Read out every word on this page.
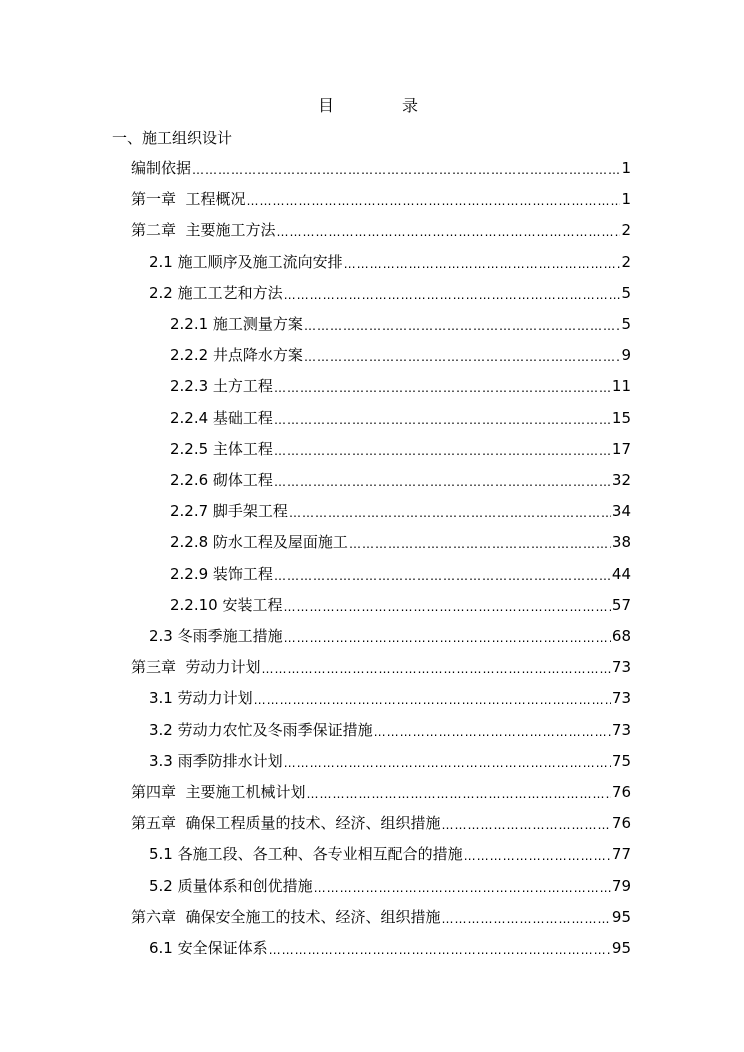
目	录
一、施工组织设计
编制依据 …………………………………………………………………………………………………………………………………………	1
第一章  工程概况 …………………………………………………………………………………………………………………………………………	1
第二章  主要施工方法 …………………………………………………………………………………………………………………………………………	2
2.1 施工顺序及施工流向安排 …………………………………………………………………………………………………………………………………………	2
2.2 施工工艺和方法 …………………………………………………………………………………………………………………………………………	5
2.2.1 施工测量方案 …………………………………………………………………………………………………………………………………………	5
2.2.2 井点降水方案 …………………………………………………………………………………………………………………………………………	9
2.2.3 土方工程 …………………………………………………………………………………………………………………………………………	11
2.2.4 基础工程 …………………………………………………………………………………………………………………………………………	15
2.2.5 主体工程 …………………………………………………………………………………………………………………………………………	17
2.2.6 砌体工程 …………………………………………………………………………………………………………………………………………	32
2.2.7 脚手架工程 …………………………………………………………………………………………………………………………………………	34
2.2.8 防水工程及屋面施工 …………………………………………………………………………………………………………………………………………	38
2.2.9 装饰工程 …………………………………………………………………………………………………………………………………………	44
2.2.10 安装工程 …………………………………………………………………………………………………………………………………………	57
2.3 冬雨季施工措施 …………………………………………………………………………………………………………………………………………	68
第三章  劳动力计划 …………………………………………………………………………………………………………………………………………	73
3.1 劳动力计划 …………………………………………………………………………………………………………………………………………	73
3.2 劳动力农忙及冬雨季保证措施 …………………………………………………………………………………………………………………………………………	73
3.3 雨季防排水计划 …………………………………………………………………………………………………………………………………………	75
第四章  主要施工机械计划 …………………………………………………………………………………………………………………………………………	76
第五章  确保工程质量的技术、经济、组织措施 …………………………………………………………………………………………………………………………………………	76
5.1 各施工段、各工种、各专业相互配合的措施 …………………………………………………………………………………………………………………………………………	77
5.2 质量体系和创优措施 …………………………………………………………………………………………………………………………………………	79
第六章  确保安全施工的技术、经济、组织措施 …………………………………………………………………………………………………………………………………………	95
6.1 安全保证体系 …………………………………………………………………………………………………………………………………………	95
